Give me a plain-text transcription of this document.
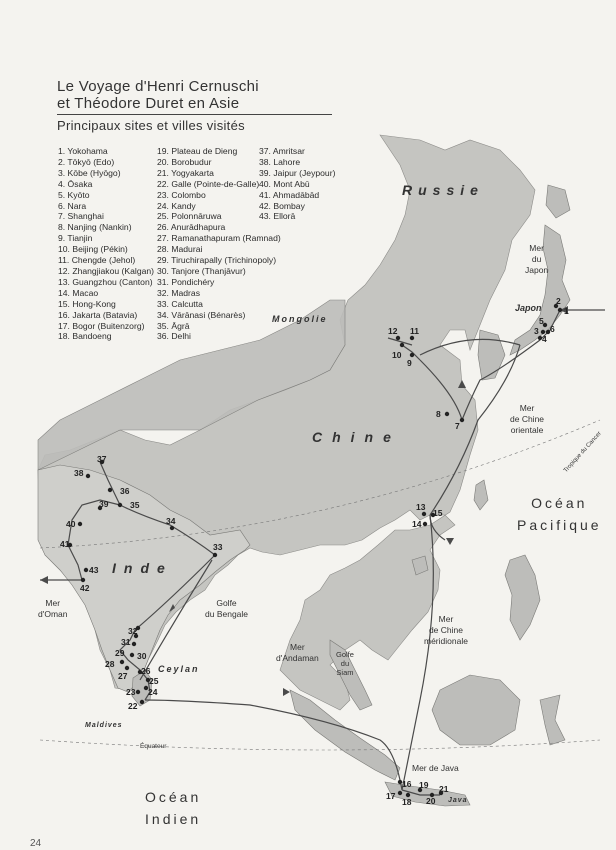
Le Voyage d'Henri Cernuschi
et Théodore Duret en Asie
Principaux sites et villes visités
1. Yokohama
2. Tōkyō (Edo)
3. Kōbe (Hyōgo)
4. Ōsaka
5. Kyōto
6. Nara
7. Shanghai
8. Nanjing (Nankin)
9. Tianjin
10. Beijing (Pékin)
11. Chengde (Jehol)
12. Zhangjiakou (Kalgan)
13. Guangzhou (Canton)
14. Macao
15. Hong-Kong
16. Jakarta (Batavia)
17. Bogor (Buitenzorg)
18. Bandoeng
19. Plateau de Dieng
20. Borobudur
21. Yogyakarta
22. Galle (Pointe-de-Galle)
23. Colombo
24. Kandy
25. Polonnāruwa
26. Anurādhapura
27. Ramanathapuram (Ramnad)
28. Madurai
29. Tiruchirapally (Trichinopoly)
30. Tanjore (Thanjāvur)
31. Pondichéry
32. Madras
33. Calcutta
34. Vārānasi (Bénarès)
35. Āgrā
36. Delhi
37. Amritsar
38. Lahore
39. Jaipur (Jeypour)
40. Mont Abū
41. Ahmadābād
42. Bombay
43. Ellorā
Russie
Chine
Inde
Mongolie
Japon
Ceylan
Maldives
Java
Tropique du Cancer
Équateur
Mer
du
Japon
Mer
de Chine
orientale
Océan
Pacifique
Mer
d'Oman
Golfe
du Bengale
Mer
d'Andaman Golfe
du
Siam
Mer
de Chine
méridionale
Mer de Java
Océan
Indien
2
1
5
6
3
4
7
8
9
10
11
12
13
14
15
16
17
18
19
20
21
22
23 24
25
26
27
28
29 30
31
32
33
34
35
36
37
38
39
40
41
42
43
24
